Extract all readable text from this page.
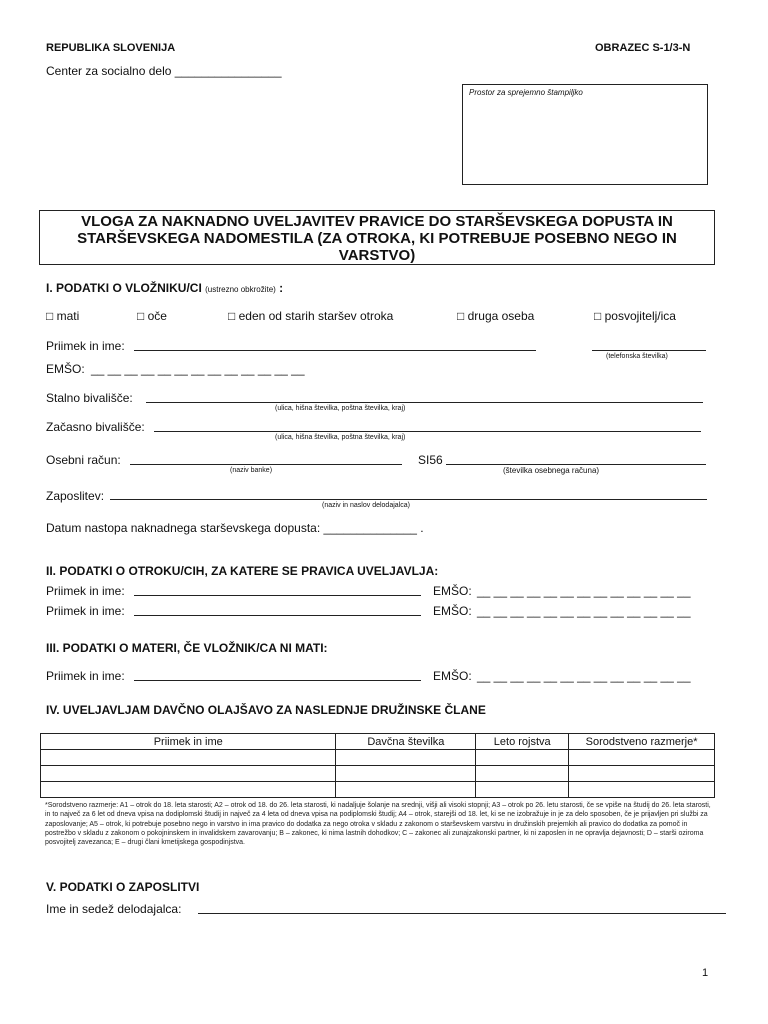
REPUBLIKA SLOVENIJA	OBRAZEC S-1/3-N
Center za socialno delo ________________
Prostor za sprejemno štampiljko
VLOGA ZA NAKNADNO UVELJAVITEV PRAVICE DO STARŠEVSKEGA DOPUSTA IN
STARŠEVSKEGA NADOMESTILA (ZA OTROKA, KI POTREBUJE POSEBNO NEGO IN
VARSTVO)
I. PODATKI O VLOŽNIKU/CI (ustrezno obkrožite) :
□ mati	□ oče	□ eden od starih staršev otroka	□ druga oseba	□ posvojitelj/ica
Priimek in ime:
(telefonska številka)
EMŠO: __ __ __ __ __ __ __ __ __ __ __ __ __
Stalno bivališče:
(ulica, hišna številka, poštna številka, kraj)
Začasno bivališče:
(ulica, hišna številka, poštna številka, kraj)
Osebni račun:
(naziv banke)
SI56
(številka osebnega računa)
Zaposlitev:
(naziv in naslov delodajalca)
Datum nastopa naknadnega starševskega dopusta: ______________ .
II. PODATKI O OTROKU/CIH, ZA KATERE SE PRAVICA UVELJAVLJA:
Priimek in ime:	EMŠO: __ __ __ __ __ __ __ __ __ __ __ __ __
Priimek in ime:	EMŠO: __ __ __ __ __ __ __ __ __ __ __ __ __
III. PODATKI O MATERI, ČE VLOŽNIK/CA NI MATI:
Priimek in ime:	EMŠO: __ __ __ __ __ __ __ __ __ __ __ __ __
IV. UVELJAVLJAM DAVČNO OLAJŠAVO ZA NASLEDNJE DRUŽINSKE ČLANE
Priimek in ime	Davčna številka	Leto rojstva	Sorodstveno razmerje*

*Sorodstveno razmerje: A1 – otrok do 18. leta starosti; A2 – otrok od 18. do 26. leta starosti, ki nadaljuje šolanje na srednji, višji ali visoki stopnji; A3 – otrok po 26. letu starosti, če se vpiše na študij do 26. leta starosti, in to največ za 6 let od dneva vpisa na dodiplomski študij in največ za 4 leta od dneva vpisa na podiplomski študij; A4 – otrok, starejši od 18. let, ki se ne izobražuje in je za delo sposoben, če je prijavljen pri službi za zaposlovanje; A5 – otrok, ki potrebuje posebno nego in varstvo in ima pravico do dodatka za nego otroka v skladu z zakonom o starševskem varstvu in družinskih prejemkih ali pravico do dodatka za pomoč in postrežbo v skladu z zakonom o pokojninskem in invalidskem zavarovanju; B – zakonec, ki nima lastnih dohodkov; C – zakonec ali zunajzakonski partner, ki ni zaposlen in ne opravlja dejavnosti; D – starši oziroma posvojitelj zavezanca; E – drugi člani kmetijskega gospodinjstva.
V. PODATKI O ZAPOSLITVI
Ime in sedež delodajalca:
1
